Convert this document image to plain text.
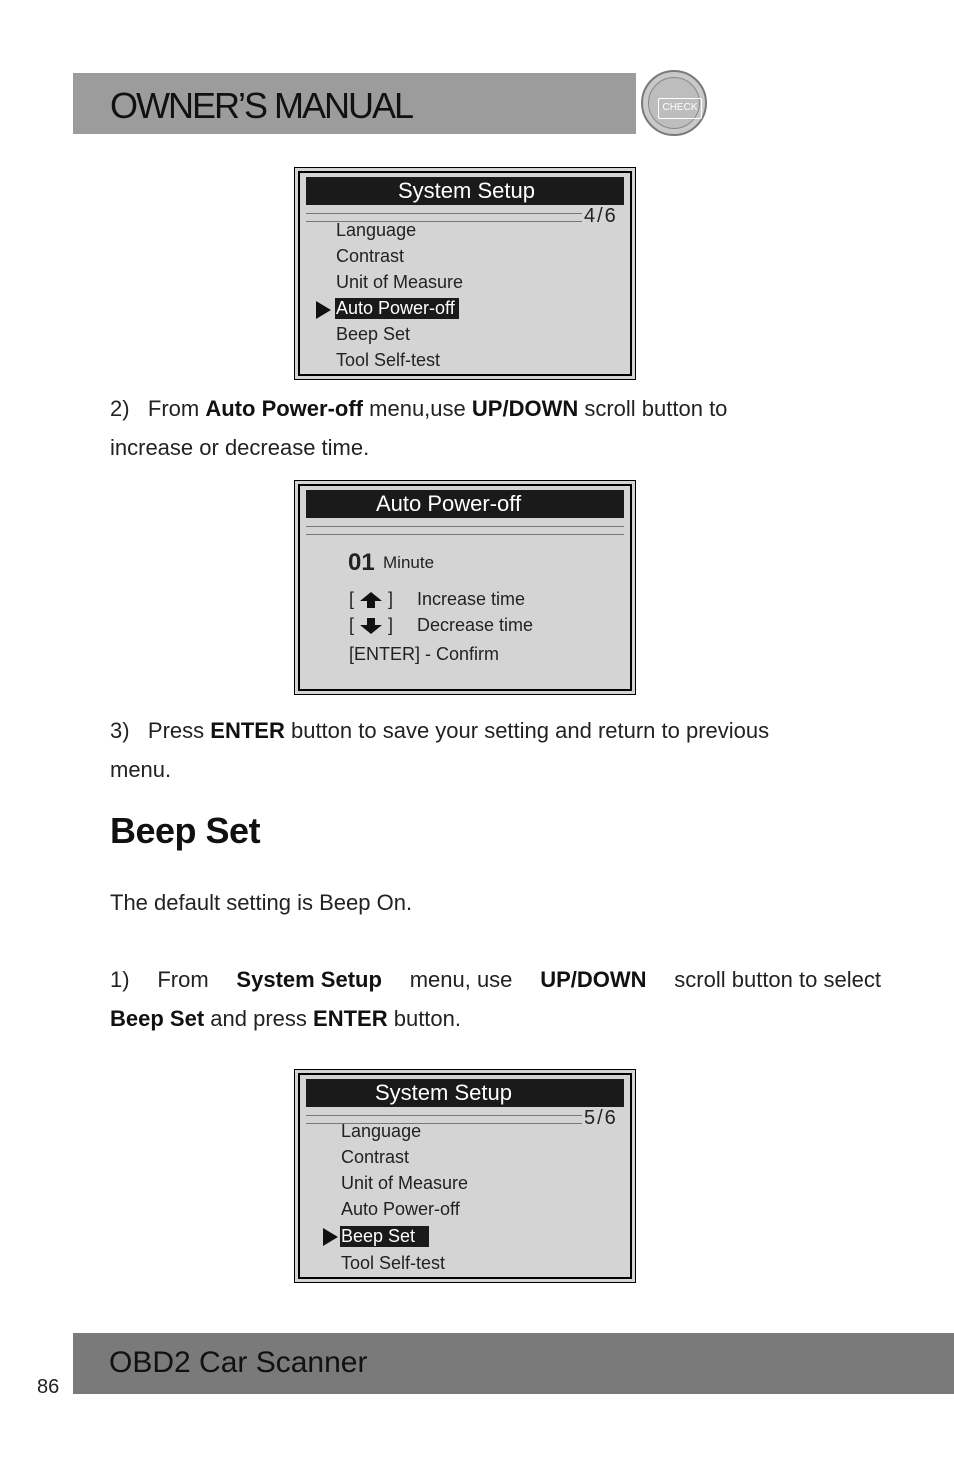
OWNER’S MANUAL	CHECK
System Setup
4/6
Language
Contrast
Unit of Measure
Auto Power-off
Beep Set
Tool Self-test
2) From Auto Power-off menu,use UP/DOWN scroll button to
increase or decrease time.
Auto Power-off
01 Minute
[ ] Increase time
[ ] Decrease time
[ENTER] - Confirm
3) Press ENTER button to save your setting and return to previous
menu.
Beep Set
The default setting is Beep On.
1) From System Setup menu, use UP/DOWN scroll button to select
Beep Set and press ENTER button.
System Setup
5/6
Language
Contrast
Unit of Measure
Auto Power-off
Beep Set
Tool Self-test
86
OBD2 Car Scanner
